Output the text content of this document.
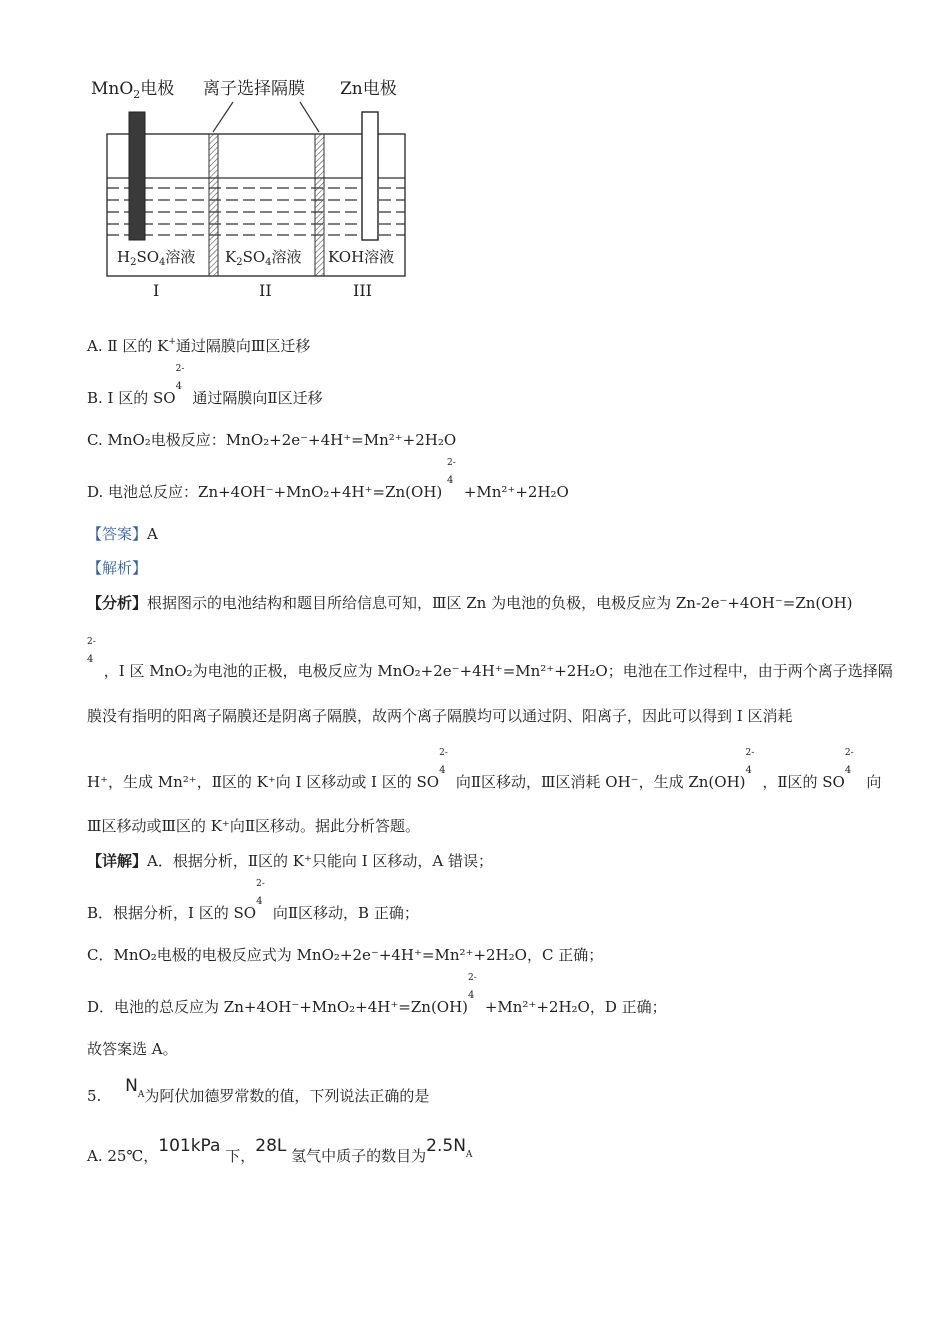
MnO$_2$电极 离子选择隔膜 Zn电极
$H_2SO_4$溶液 $K_2SO_4$溶液 KOH溶液
I	II	III
A. Ⅱ 区的 K+通过隔膜向Ⅲ区迁移
B. Ⅰ 区的 SO
2-
4
通过隔膜向Ⅱ区迁移
C. MnO₂电极反应：MnO₂+2e⁻+4H⁺=Mn²⁺+2H₂O
D. 电池总反应：Zn+4OH⁻+MnO₂+4H⁺=Zn(OH)
2-
4
+Mn²⁺+2H₂O
【答案】A
【解析】
【分析】根据图示的电池结构和题目所给信息可知，Ⅲ区 Zn 为电池的负极，电极反应为 Zn-2e⁻+4OH⁻=Zn(OH)
2-
4
，Ⅰ 区 MnO₂为电池的正极，电极反应为 MnO₂+2e⁻+4H⁺=Mn²⁺+2H₂O；电池在工作过程中，由于两个离子选择隔
膜没有指明的阳离子隔膜还是阴离子隔膜，故两个离子隔膜均可以通过阴、阳离子，因此可以得到 Ⅰ 区消耗
H⁺，生成 Mn²⁺，Ⅱ区的 K⁺向 Ⅰ 区移动或 Ⅰ 区的 SO
2-
4
向Ⅱ区移动，Ⅲ区消耗 OH⁻，生成 Zn(OH)
2-
4
，Ⅱ区的 SO
2-
4
向
Ⅲ区移动或Ⅲ区的 K⁺向Ⅱ区移动。据此分析答题。
【详解】A．根据分析，Ⅱ区的 K⁺只能向 Ⅰ 区移动，A 错误；
B．根据分析，Ⅰ 区的 SO
2-
4
向Ⅱ区移动，B 正确；
C．MnO₂电极的电极反应式为 MnO₂+2e⁻+4H⁺=Mn²⁺+2H₂O，C 正确；
D．电池的总反应为 Zn+4OH⁻+MnO₂+4H⁺=Zn(OH)
2-
4
+Mn²⁺+2H₂O，D 正确；
故答案选 A。
5. $N^A$为阿伏加德罗常数的值，下列说法正确的是
A. 25℃，101kPa 下，28L 氢气中质子的数目为$2.5N^A$
